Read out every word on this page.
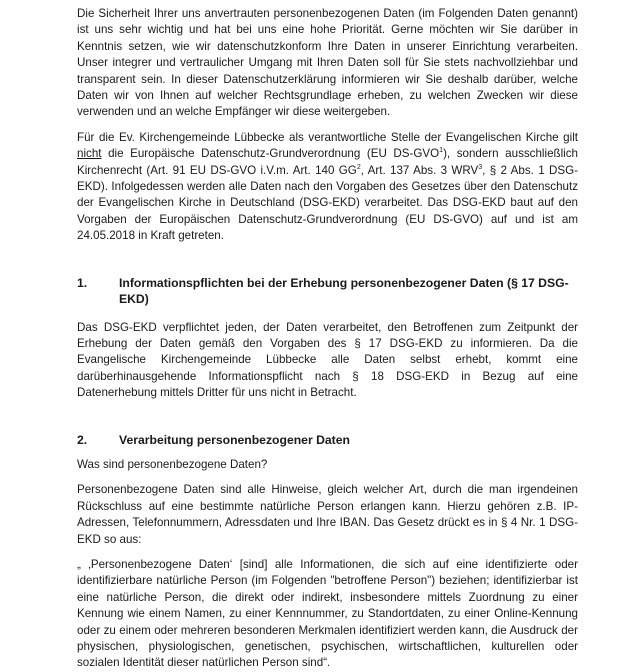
Die Sicherheit Ihrer uns anvertrauten personenbezogenen Daten (im Folgenden Daten genannt) ist uns sehr wichtig und hat bei uns eine hohe Priorität. Gerne möchten wir Sie darüber in Kenntnis setzen, wie wir datenschutzkonform Ihre Daten in unserer Einrichtung verarbeiten. Unser integrer und vertraulicher Umgang mit Ihren Daten soll für Sie stets nachvollziehbar und transparent sein. In dieser Datenschutzerklärung informieren wir Sie deshalb darüber, welche Daten wir von Ihnen auf welcher Rechtsgrundlage erheben, zu welchen Zwecken wir diese verwenden und an welche Empfänger wir diese weitergeben.

Für die Ev. Kirchengemeinde Lübbecke als verantwortliche Stelle der Evangelischen Kirche gilt nicht die Europäische Datenschutz-Grundverordnung (EU DS-GVO$^1$), sondern ausschließlich Kirchenrecht (Art. 91 EU DS-GVO i.V.m. Art. 140 $GG^2$, Art. 137 Abs. 3 WRV$^3$, § 2 Abs. 1 DSG-EKD). Infolgedessen werden alle Daten nach den Vorgaben des Gesetzes über den Datenschutz der Evangelischen Kirche in Deutschland (DSG-EKD) verarbeitet. Das DSG-EKD baut auf den Vorgaben der Europäischen Datenschutz-Grundverordnung (EU DS-GVO) auf und ist am 24.05.2018 in Kraft getreten.

1.	Informationspflichten bei der Erhebung personenbezogener Daten (§ 17 DSG-EKD)

Das DSG-EKD verpflichtet jeden, der Daten verarbeitet, den Betroffenen zum Zeitpunkt der Erhebung der Daten gemäß den Vorgaben des § 17 DSG-EKD zu informieren. Da die Evangelische Kirchengemeinde Lübbecke alle Daten selbst erhebt, kommt eine darüberhinausgehende Informationspflicht nach § 18 DSG-EKD in Bezug auf eine Datenerhebung mittels Dritter für uns nicht in Betracht.

2.	Verarbeitung personenbezogener Daten

Was sind personenbezogene Daten?

Personenbezogene Daten sind alle Hinweise, gleich welcher Art, durch die man irgendeinen Rückschluss auf eine bestimmte natürliche Person erlangen kann. Hierzu gehören z.B. IP-Adressen, Telefonnummern, Adressdaten und Ihre IBAN. Das Gesetz drückt es in § 4 Nr. 1 DSG-EKD so aus:

„ ‚Personenbezogene Daten‘ [sind] alle Informationen, die sich auf eine identifizierte oder identifizierbare natürliche Person (im Folgenden "betroffene Person") beziehen; identifizierbar ist eine natürliche Person, die direkt oder indirekt, insbesondere mittels Zuordnung zu einer Kennung wie einem Namen, zu einer Kennnummer, zu Standortdaten, zu einer Online-Kennung oder zu einem oder mehreren besonderen Merkmalen identifiziert werden kann, die Ausdruck der physischen, physiologischen, genetischen, psychischen, wirtschaftlichen, kulturellen oder sozialen Identität dieser natürlichen Person sind“.
